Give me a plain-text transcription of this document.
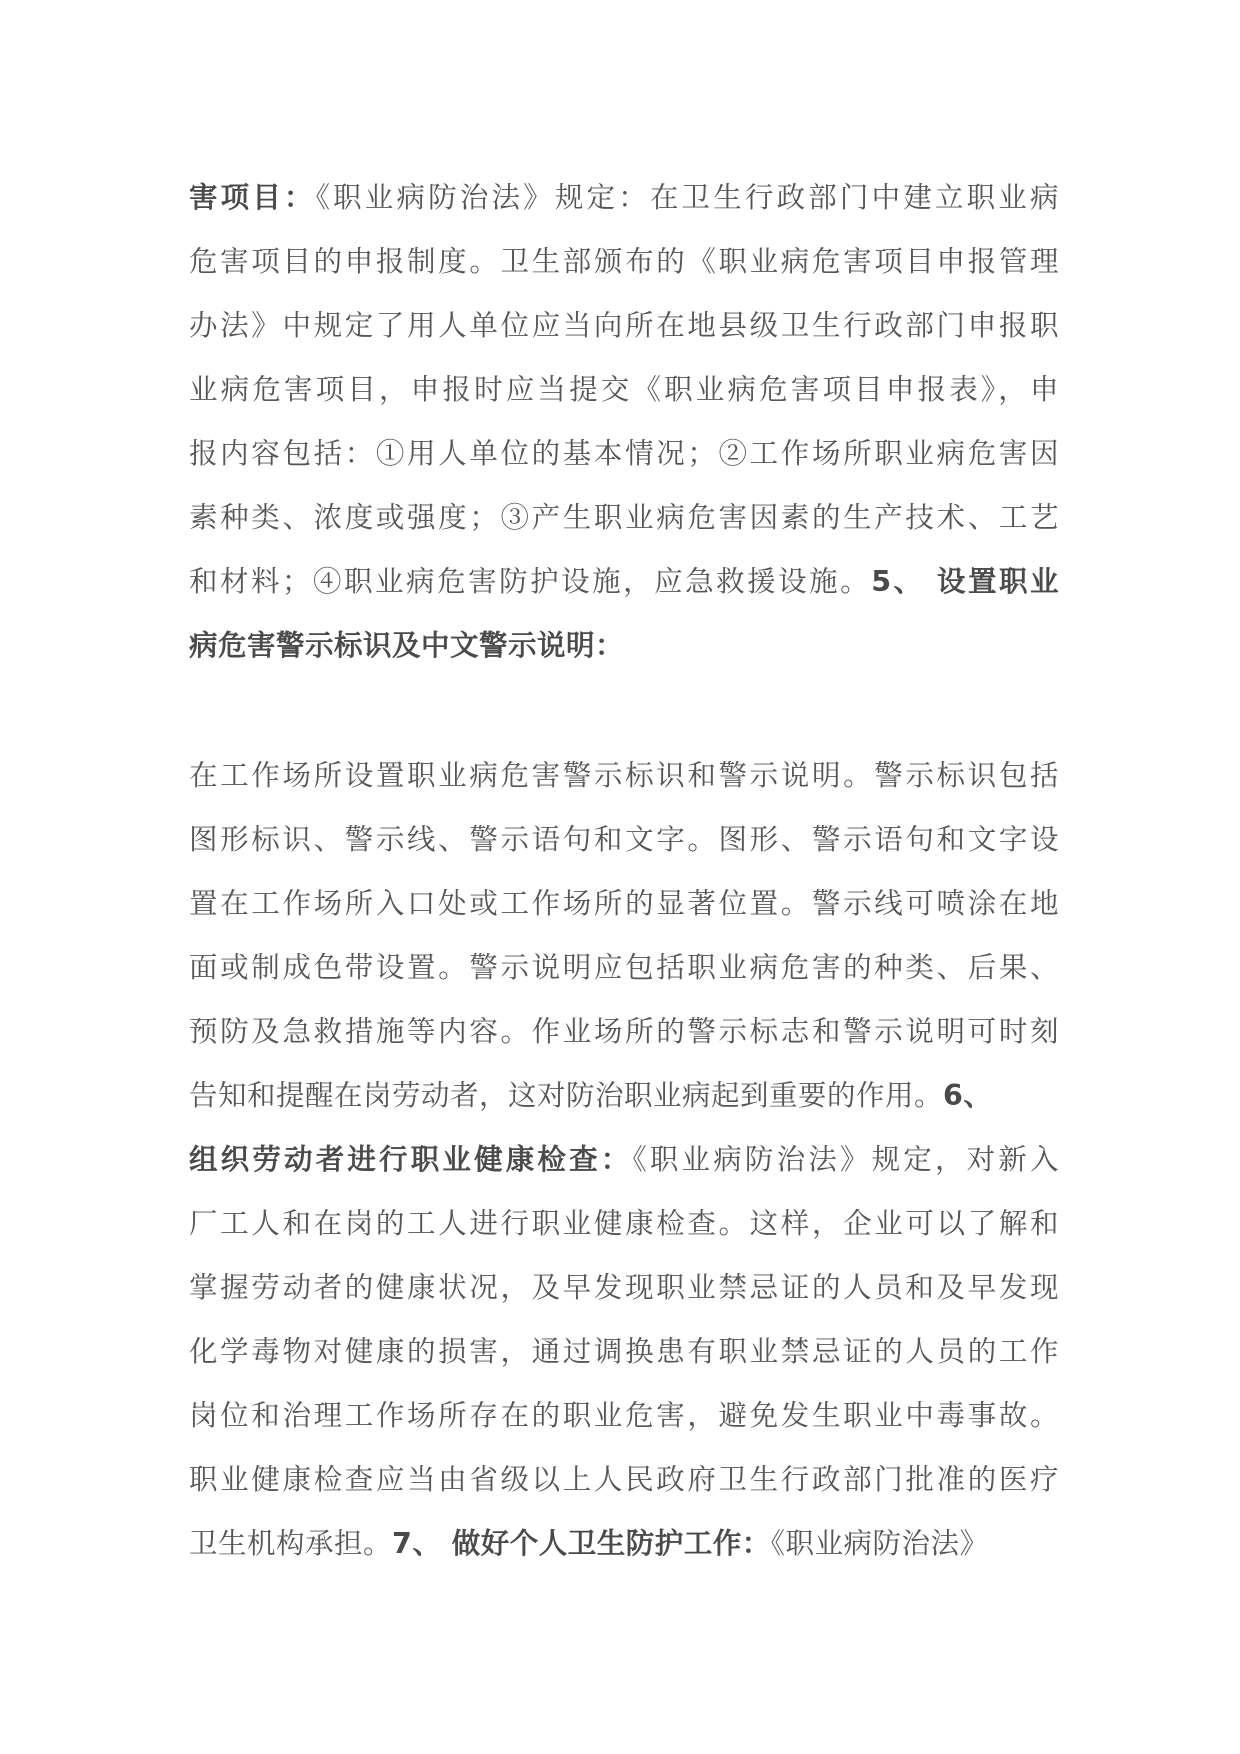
害项目：《职业病防治法》规定：在卫生行政部门中建立职业病
危害项目的申报制度。卫生部颁布的《职业病危害项目申报管理
办法》中规定了用人单位应当向所在地县级卫生行政部门申报职
业病危害项目，申报时应当提交《职业病危害项目申报表》，申
报内容包括：①用人单位的基本情况；②工作场所职业病危害因
素种类、浓度或强度；③产生职业病危害因素的生产技术、工艺
和材料；④职业病危害防护设施，应急救援设施。5、 设置职业
病危害警示标识及中文警示说明：
在工作场所设置职业病危害警示标识和警示说明。警示标识包括
图形标识、警示线、警示语句和文字。图形、警示语句和文字设
置在工作场所入口处或工作场所的显著位置。警示线可喷涂在地
面或制成色带设置。警示说明应包括职业病危害的种类、后果、
预防及急救措施等内容。作业场所的警示标志和警示说明可时刻
告知和提醒在岗劳动者，这对防治职业病起到重要的作用。6、
组织劳动者进行职业健康检查：《职业病防治法》规定，对新入
厂工人和在岗的工人进行职业健康检查。这样，企业可以了解和
掌握劳动者的健康状况，及早发现职业禁忌证的人员和及早发现
化学毒物对健康的损害，通过调换患有职业禁忌证的人员的工作
岗位和治理工作场所存在的职业危害，避免发生职业中毒事故。
职业健康检查应当由省级以上人民政府卫生行政部门批准的医疗
卫生机构承担。7、 做好个人卫生防护工作：《职业病防治法》
